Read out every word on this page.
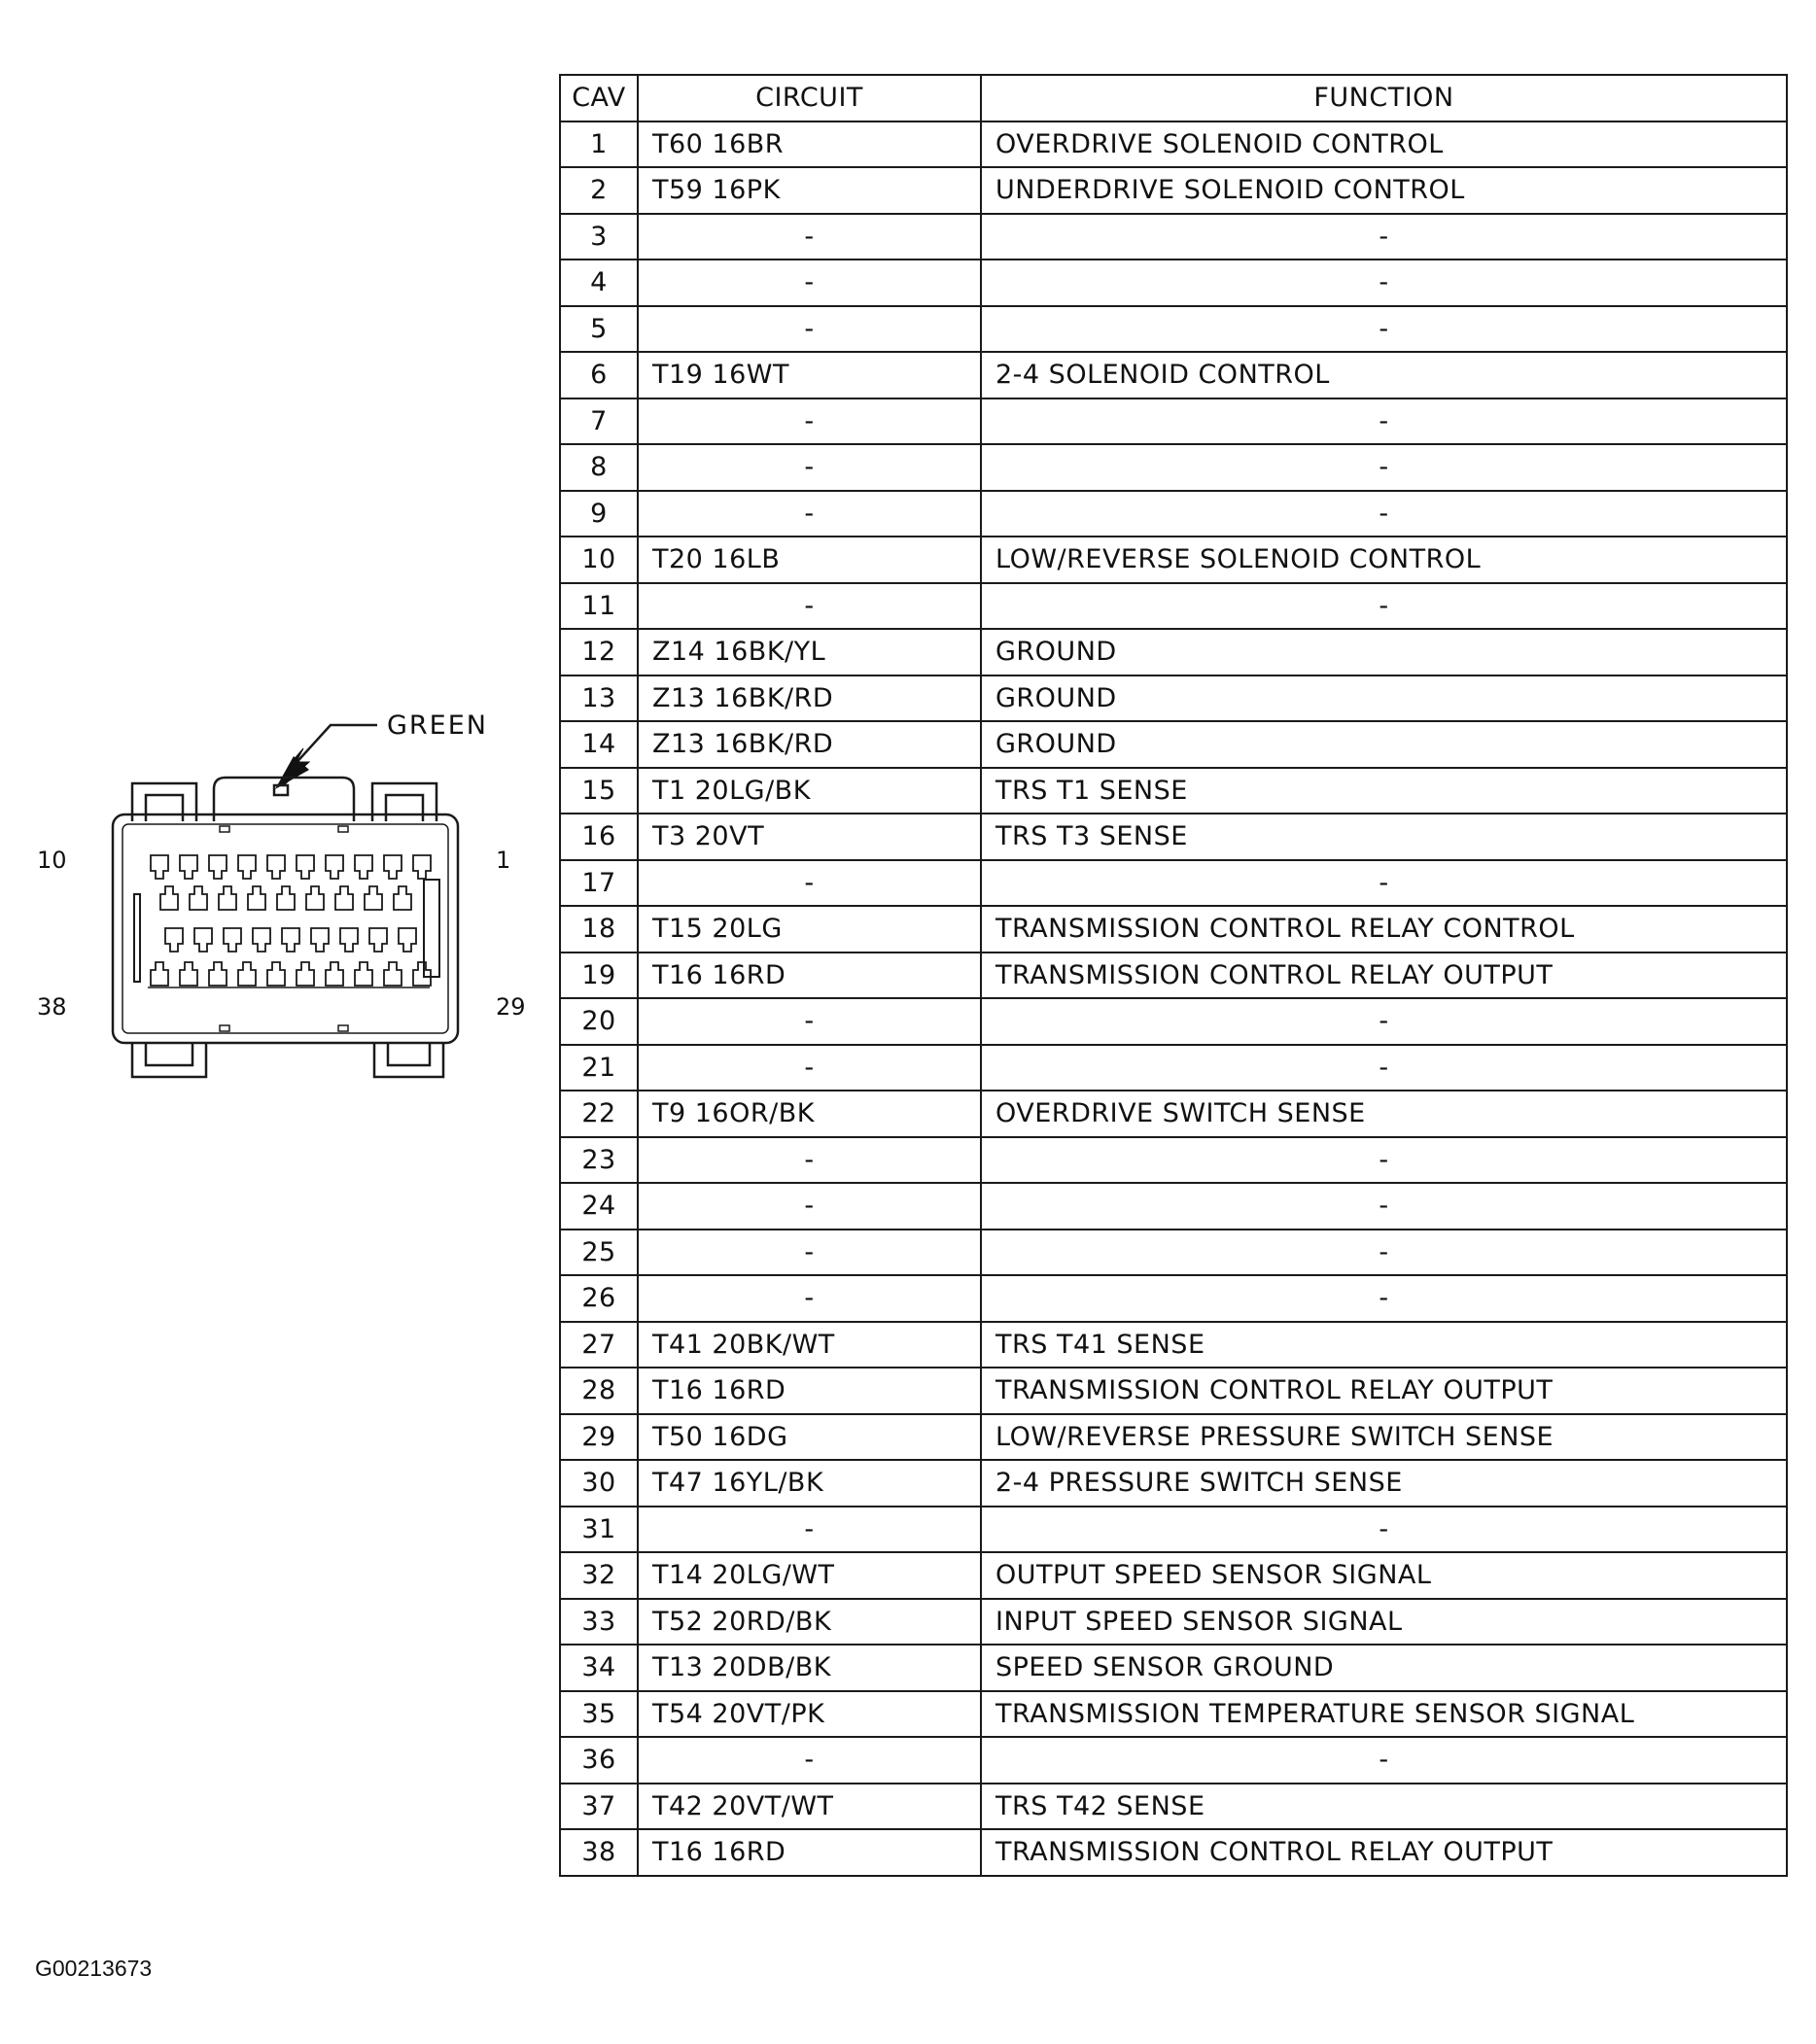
GREEN
10	1
38	29
CAV	CIRCUIT	FUNCTION
1	T60 16BR	OVERDRIVE SOLENOID CONTROL
2	T59 16PK	UNDERDRIVE SOLENOID CONTROL
3	-	-
4	-	-
5	-	-
6	T19 16WT	2-4 SOLENOID CONTROL
7	-	-
8	-	-
9	-	-
10	T20 16LB	LOW/REVERSE SOLENOID CONTROL
11	-	-
12	Z14 16BK/YL	GROUND
13	Z13 16BK/RD	GROUND
14	Z13 16BK/RD	GROUND
15	T1 20LG/BK	TRS T1 SENSE
16	T3 20VT	TRS T3 SENSE
17	-	-
18	T15 20LG	TRANSMISSION CONTROL RELAY CONTROL
19	T16 16RD	TRANSMISSION CONTROL RELAY OUTPUT
20	-	-
21	-	-
22	T9 16OR/BK	OVERDRIVE SWITCH SENSE
23	-	-
24	-	-
25	-	-
26	-	-
27	T41 20BK/WT	TRS T41 SENSE
28	T16 16RD	TRANSMISSION CONTROL RELAY OUTPUT
29	T50 16DG	LOW/REVERSE PRESSURE SWITCH SENSE
30	T47 16YL/BK	2-4 PRESSURE SWITCH SENSE
31	-	-
32	T14 20LG/WT	OUTPUT SPEED SENSOR SIGNAL
33	T52 20RD/BK	INPUT SPEED SENSOR SIGNAL
34	T13 20DB/BK	SPEED SENSOR GROUND
35	T54 20VT/PK	TRANSMISSION TEMPERATURE SENSOR SIGNAL
36	-	-
37	T42 20VT/WT	TRS T42 SENSE
38	T16 16RD	TRANSMISSION CONTROL RELAY OUTPUT
G00213673
